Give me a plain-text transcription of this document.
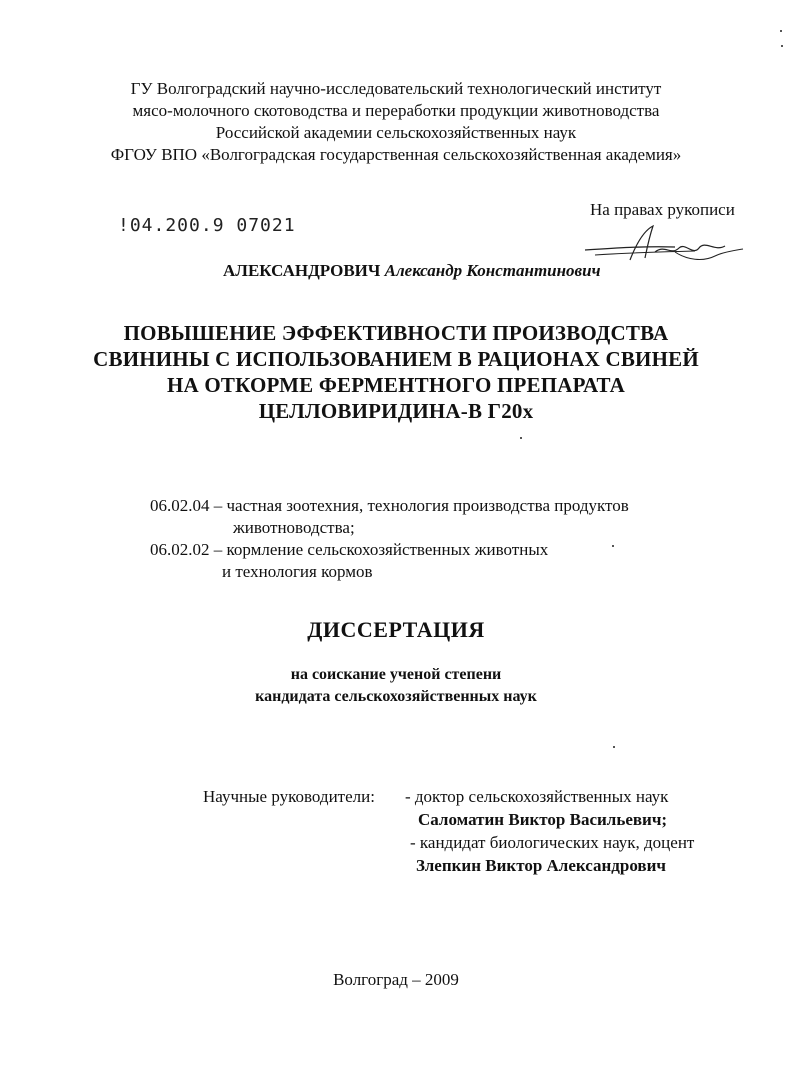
ГУ Волгоградский научно-исследовательский технологический институт
мясо-молочного скотоводства и переработки продукции животноводства
Российской академии сельскохозяйственных наук
ФГОУ ВПО «Волгоградская государственная сельскохозяйственная академия»
!04.200.9 07021
На правах рукописи
АЛЕКСАНДРОВИЧ Александр Константинович
ПОВЫШЕНИЕ ЭФФЕКТИВНОСТИ ПРОИЗВОДСТВА
СВИНИНЫ С ИСПОЛЬЗОВАНИЕМ В РАЦИОНАХ СВИНЕЙ
НА ОТКОРМЕ ФЕРМЕНТНОГО ПРЕПАРАТА
ЦЕЛЛОВИРИДИНА-В Г20х
06.02.04 – частная зоотехния, технология производства продуктов
животноводства;
06.02.02 – кормление сельскохозяйственных животных
и технология кормов
ДИССЕРТАЦИЯ
на соискание ученой степени
кандидата сельскохозяйственных наук
Научные руководители: - доктор сельскохозяйственных наук
Саломатин Виктор Васильевич;
- кандидат биологических наук, доцент
Злепкин Виктор Александрович
Волгоград – 2009
